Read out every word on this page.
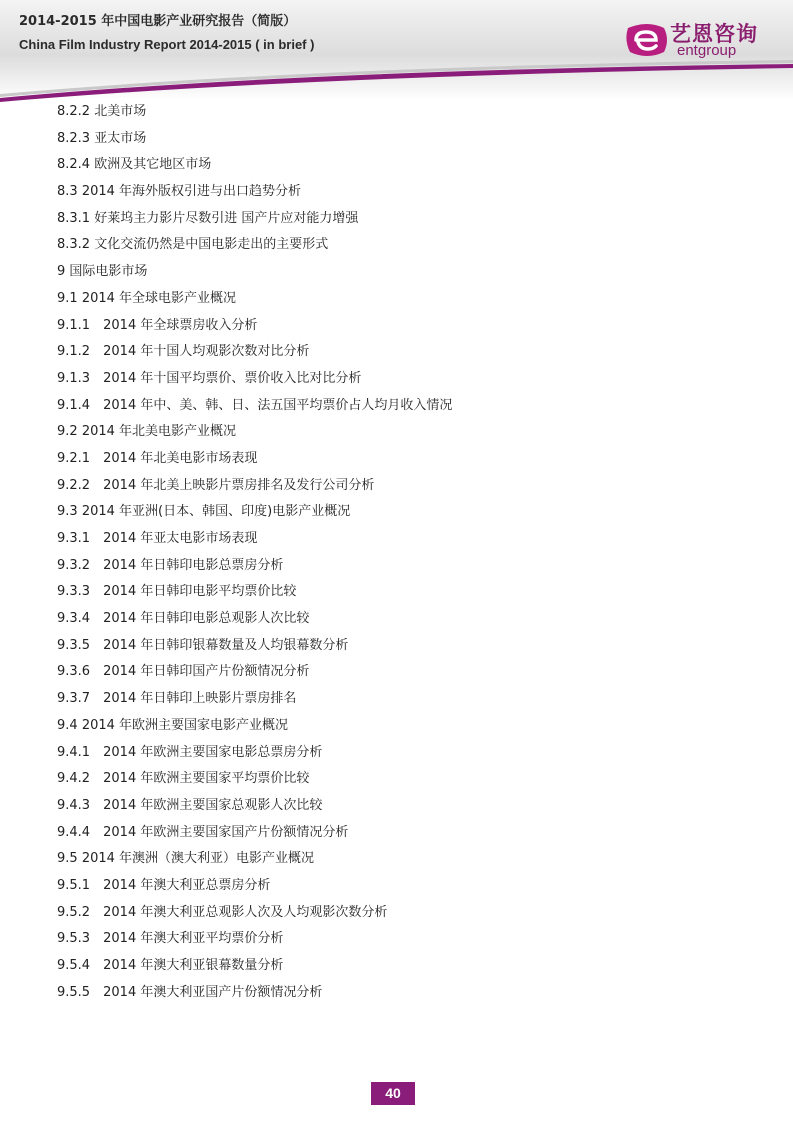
2014-2015 年中国电影产业研究报告（简版）
China Film Industry Report 2014-2015 ( in brief )	艺恩咨询
entgroup
8.2.2 北美市场
8.2.3 亚太市场
8.2.4 欧洲及其它地区市场
8.3 2014 年海外版权引进与出口趋势分析
8.3.1 好莱坞主力影片尽数引进 国产片应对能力增强
8.3.2 文化交流仍然是中国电影走出的主要形式
9 国际电影市场
9.1 2014 年全球电影产业概况
9.1.1 2014 年全球票房收入分析
9.1.2 2014 年十国人均观影次数对比分析
9.1.3 2014 年十国平均票价、票价收入比对比分析
9.1.4 2014 年中、美、韩、日、法五国平均票价占人均月收入情况
9.2 2014 年北美电影产业概况
9.2.1 2014 年北美电影市场表现
9.2.2 2014 年北美上映影片票房排名及发行公司分析
9.3 2014 年亚洲(日本、韩国、印度)电影产业概况
9.3.1 2014 年亚太电影市场表现
9.3.2 2014 年日韩印电影总票房分析
9.3.3 2014 年日韩印电影平均票价比较
9.3.4 2014 年日韩印电影总观影人次比较
9.3.5 2014 年日韩印银幕数量及人均银幕数分析
9.3.6 2014 年日韩印国产片份额情况分析
9.3.7 2014 年日韩印上映影片票房排名
9.4 2014 年欧洲主要国家电影产业概况
9.4.1 2014 年欧洲主要国家电影总票房分析
9.4.2 2014 年欧洲主要国家平均票价比较
9.4.3 2014 年欧洲主要国家总观影人次比较
9.4.4 2014 年欧洲主要国家国产片份额情况分析
9.5 2014 年澳洲（澳大利亚）电影产业概况
9.5.1 2014 年澳大利亚总票房分析
9.5.2 2014 年澳大利亚总观影人次及人均观影次数分析
9.5.3 2014 年澳大利亚平均票价分析
9.5.4 2014 年澳大利亚银幕数量分析
9.5.5 2014 年澳大利亚国产片份额情况分析
40
